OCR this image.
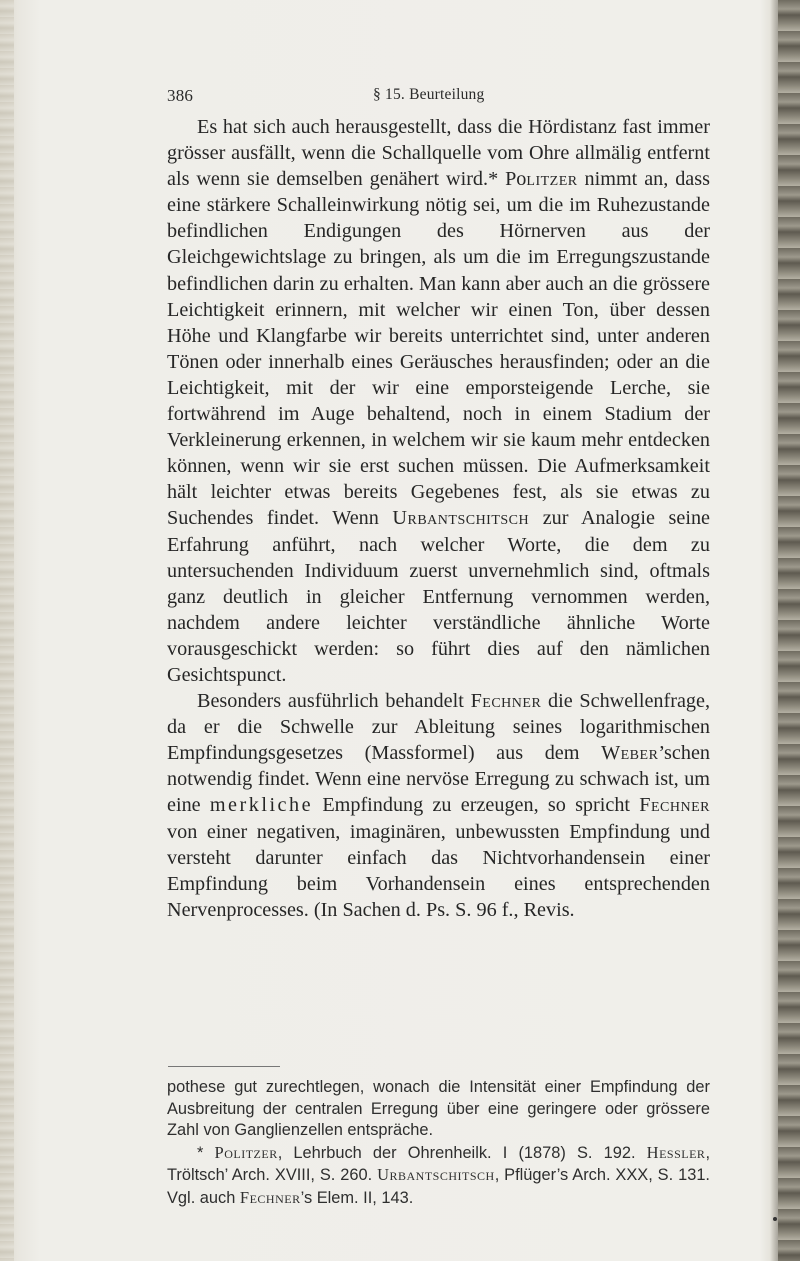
386	§ 15. Beurteilung

Es hat sich auch herausgestellt, dass die Hördistanz fast immer grösser ausfällt, wenn die Schallquelle vom Ohre allmälig entfernt als wenn sie demselben genähert wird.* Politzer nimmt an, dass eine stärkere Schalleinwirkung nötig sei, um die im Ruhezustande befindlichen Endigungen des Hörnerven aus der Gleichgewichtslage zu bringen, als um die im Erregungszustande befindlichen darin zu erhalten. Man kann aber auch an die grössere Leichtigkeit erinnern, mit welcher wir einen Ton, über dessen Höhe und Klangfarbe wir bereits unterrichtet sind, unter anderen Tönen oder innerhalb eines Geräusches herausfinden; oder an die Leichtigkeit, mit der wir eine emporsteigende Lerche, sie fortwährend im Auge behaltend, noch in einem Stadium der Verkleinerung erkennen, in welchem wir sie kaum mehr entdecken können, wenn wir sie erst suchen müssen. Die Aufmerksamkeit hält leichter etwas bereits Gegebenes fest, als sie etwas zu Suchendes findet. Wenn Urbantschitsch zur Analogie seine Erfahrung anführt, nach welcher Worte, die dem zu untersuchenden Individuum zuerst unvernehmlich sind, oftmals ganz deutlich in gleicher Entfernung vernommen werden, nachdem andere leichter verständliche ähnliche Worte vorausgeschickt werden: so führt dies auf den nämlichen Gesichtspunct.

Besonders ausführlich behandelt Fechner die Schwellenfrage, da er die Schwelle zur Ableitung seines logarithmischen Empfindungsgesetzes (Massformel) aus dem Weber’schen notwendig findet. Wenn eine nervöse Erregung zu schwach ist, um eine merkliche Empfindung zu erzeugen, so spricht Fechner von einer negativen, imaginären, unbewussten Empfindung und versteht darunter einfach das Nichtvorhandensein einer Empfindung beim Vorhandensein eines entsprechenden Nervenprocesses. (In Sachen d. Ps. S. 96 f., Revis.

pothese gut zurechtlegen, wonach die Intensität einer Empfindung der Ausbreitung der centralen Erregung über eine geringere oder grössere Zahl von Ganglienzellen entspräche.

* Politzer, Lehrbuch der Ohrenheilk. I (1878) S. 192. Hessler, Tröltsch’ Arch. XVIII, S. 260. Urbantschitsch, Pflüger’s Arch. XXX, S. 131. Vgl. auch Fechner’s Elem. II, 143.
